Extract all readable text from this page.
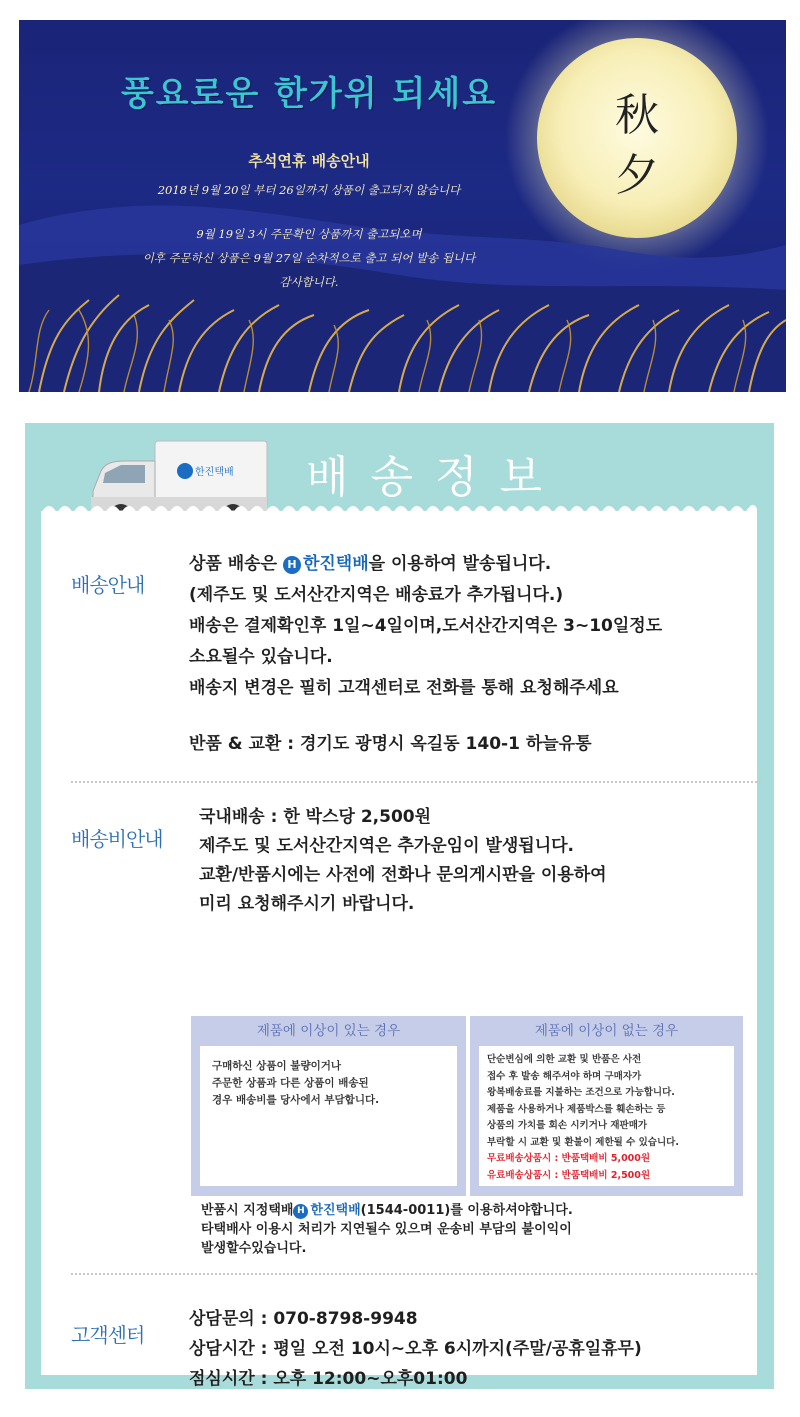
풍요로운 한가위 되세요	秋
夕
추석연휴 배송안내
2018년 9월 20일 부터 26일까지 상품이 출고되지 않습니다
9월 19일 3시 주문확인 상품까지 출고되오며
이후 주문하신 상품은 9월 27일 순차적으로 출고 되어 발송 됩니다
감사합니다.
한진택배	배송정보
배송안내
상품 배송은 H 한진택배을 이용하여 발송됩니다.
(제주도 및 도서산간지역은 배송료가 추가됩니다.)
배송은 결제확인후 1일~4일이며,도서산간지역은 3~10일정도
소요될수 있습니다.
배송지 변경은 필히 고객센터로 전화를 통해 요청해주세요
반품 & 교환 : 경기도 광명시 옥길동 140-1 하늘유통
배송비안내
국내배송 : 한 박스당 2,500원
제주도 및 도서산간지역은 추가운임이 발생됩니다.
교환/반품시에는 사전에 전화나 문의게시판을 이용하여
미리 요청해주시기 바랍니다.
제품에 이상이 있는 경우
구매하신 상품이 불량이거나
주문한 상품과 다른 상품이 배송된
경우 배송비를 당사에서 부담합니다.
제품에 이상이 없는 경우
단순변심에 의한 교환 및 반품은 사전
접수 후 발송 해주셔야 하며 구매자가
왕복배송료를 지불하는 조건으로 가능합니다.
제품을 사용하거나 제품박스를 훼손하는 등
상품의 가치를 회손 시키거나 재판매가
부락할 시 교환 및 환불이 제한될 수 있습니다.
무료배송상품시 : 반품택배비 5,000원
유료배송상품시 : 반품택배비 2,500원
반품시 지정택배 H 한진택배(1544-0011)를 이용하셔야합니다.
타택배사 이용시 처리가 지연될수 있으며 운송비 부담의 불이익이
발생할수있습니다.
고객센터
상담문의 : 070-8798-9948
상담시간 : 평일 오전 10시~오후 6시까지(주말/공휴일휴무)
점심시간 : 오후 12:00~오후01:00
